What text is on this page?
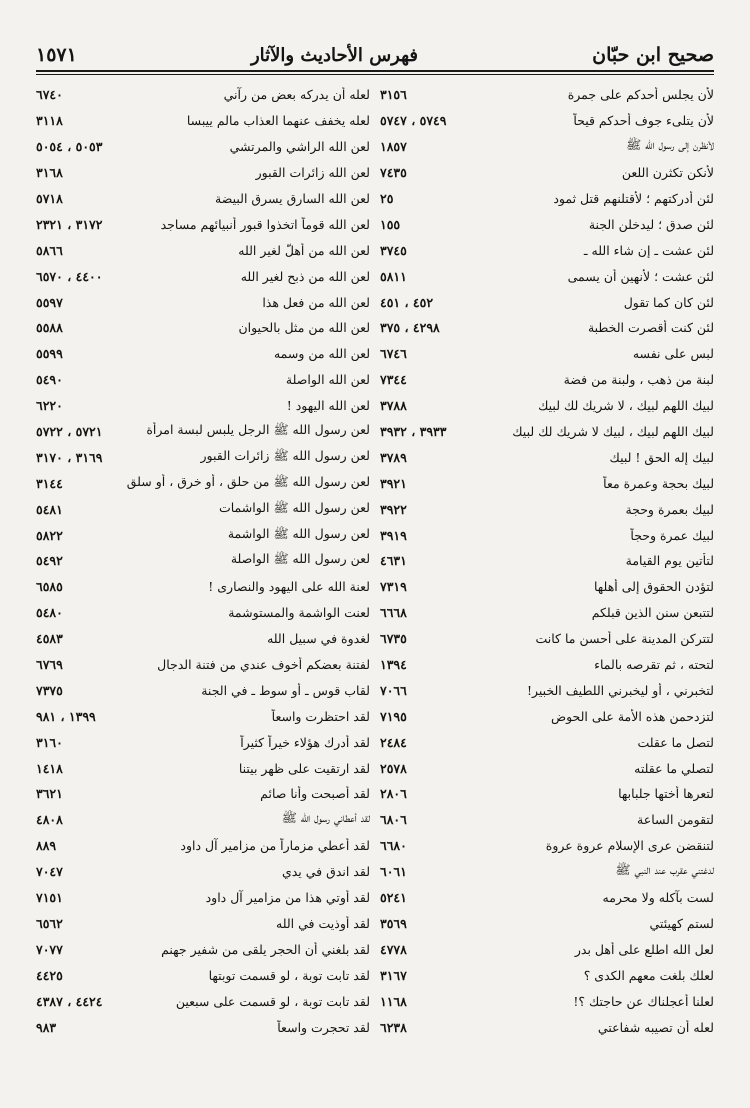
صحيح ابن حبّان
فهرس الأحاديث والآثار
١٥٧١
لأن يجلس أحدكم على جمرة
٣١٥٦
لأن يتلىء جوف أحدكم قيحاً
٥٧٤٩ ، ٥٧٤٧
لأنظرن إلى رسول الله ﷺ
١٨٥٧
لأنكن تكثرن اللعن
٧٤٣٥
لئن أدركتهم ؛ لأقتلنهم قتل ثمود
٢٥
لئن صدق ؛ ليدخلن الجنة
١٥٥
لئن عشت ـ إن شاء الله ـ
٣٧٤٥
لئن عشت ؛ لأنهين أن يسمى
٥٨١١
لئن كان كما تقول
٤٥٢ ، ٤٥١
لئن كنت أقصرت الخطبة
٤٢٩٨ ، ٣٧٥
لبس على نفسه
٦٧٤٦
لبنة من ذهب ، ولبنة من فضة
٧٣٤٤
لبيك اللهم لبيك ، لا شريك لك لبيك
٣٧٨٨
لبيك اللهم لبيك ، لبيك لا شريك لك لبيك
٣٩٣٣ ، ٣٩٣٢
لبيك إله الحق ! لبيك
٣٧٨٩
لبيك بحجة وعمرة معاً
٣٩٢١
لبيك بعمرة وحجة
٣٩٢٢
لبيك عمرة وحجاً
٣٩١٩
لتأتين يوم القيامة
٤٦٣١
لتؤدن الحقوق إلى أهلها
٧٣١٩
لتتبعن سنن الذين قبلكم
٦٦٦٨
لتتركن المدينة على أحسن ما كانت
٦٧٣٥
لتحته ، ثم تقرصه بالماء
١٣٩٤
لتخبرني ، أو ليخبرني اللطيف الخبير!
٧٠٦٦
لتزدحمن هذه الأمة على الحوض
٧١٩٥
لتصل ما عقلت
٢٤٨٤
لتصلي ما عقلته
٢٥٧٨
لتعرها أختها جلبابها
٢٨٠٦
لتقومن الساعة
٦٨٠٦
لتنقضن عرى الإسلام عروة عروة
٦٦٨٠
لدغتني عقرب عند النبي ﷺ
٦٠٦١
لست بآكله ولا محرمه
٥٢٤١
لستم كهيئتي
٣٥٦٩
لعل الله اطلع على أهل بدر
٤٧٧٨
لعلك بلغت معهم الكدى ؟
٣١٦٧
لعلنا أعجلناك عن حاجتك ؟!
١١٦٨
لعله أن تصيبه شفاعتي
٦٢٣٨
لعله أن يدركه بعض من رآني
٦٧٤٠
لعله يخفف عنهما العذاب مالم ييبسا
٣١١٨
لعن الله الراشي والمرتشي
٥٠٥٣ ، ٥٠٥٤
لعن الله زائرات القبور
٣١٦٨
لعن الله السارق يسرق البيضة
٥٧١٨
لعن الله قوماً اتخذوا قبور أنبيائهم مساجد
٣١٧٢ ، ٢٣٢١
لعن الله من أهلّ لغير الله
٥٨٦٦
لعن الله من ذبح لغير الله
٤٤٠٠ ، ٦٥٧٠
لعن الله من فعل هذا
٥٥٩٧
لعن الله من مثل بالحيوان
٥٥٨٨
لعن الله من وسمه
٥٥٩٩
لعن الله الواصلة
٥٤٩٠
لعن الله اليهود !
٦٢٢٠
لعن رسول الله ﷺ الرجل يلبس لبسة امرأة
٥٧٢١ ، ٥٧٢٢
لعن رسول الله ﷺ زائرات القبور
٣١٦٩ ، ٣١٧٠
لعن رسول الله ﷺ من حلق ، أو خرق ، أو سلق
٣١٤٤
لعن رسول الله ﷺ الواشمات
٥٤٨١
لعن رسول الله ﷺ الواشمة
٥٨٢٢
لعن رسول الله ﷺ الواصلة
٥٤٩٢
لعنة الله على اليهود والنصارى !
٦٥٨٥
لعنت الواشمة والمستوشمة
٥٤٨٠
لغدوة في سبيل الله
٤٥٨٣
لفتنة بعضكم أخوف عندي من فتنة الدجال
٦٧٦٩
لقاب قوس ـ أو سوط ـ في الجنة
٧٣٧٥
لقد احتظرت واسعاً
١٣٩٩ ، ٩٨١
لقد أدرك هؤلاء خيراً كثيراً
٣١٦٠
لقد ارتقيت على ظهر بيتنا
١٤١٨
لقد أصبحت وأنا صائم
٣٦٢١
لقد أعطاني رسول الله ﷺ
٤٨٠٨
لقد أعطي مزماراً من مزامير آل داود
٨٨٩
لقد اندق في يدي
٧٠٤٧
لقد أوتي هذا من مزامير آل داود
٧١٥١
لقد أوذيت في الله
٦٥٦٢
لقد بلغني أن الحجر يلقى من شفير جهنم
٧٠٧٧
لقد تابت توبة ، لو قسمت توبتها
٤٤٢٥
لقد تابت توبة ، لو قسمت على سبعين
٤٤٢٤ ، ٤٣٨٧
لقد تحجرت واسعاً
٩٨٣
